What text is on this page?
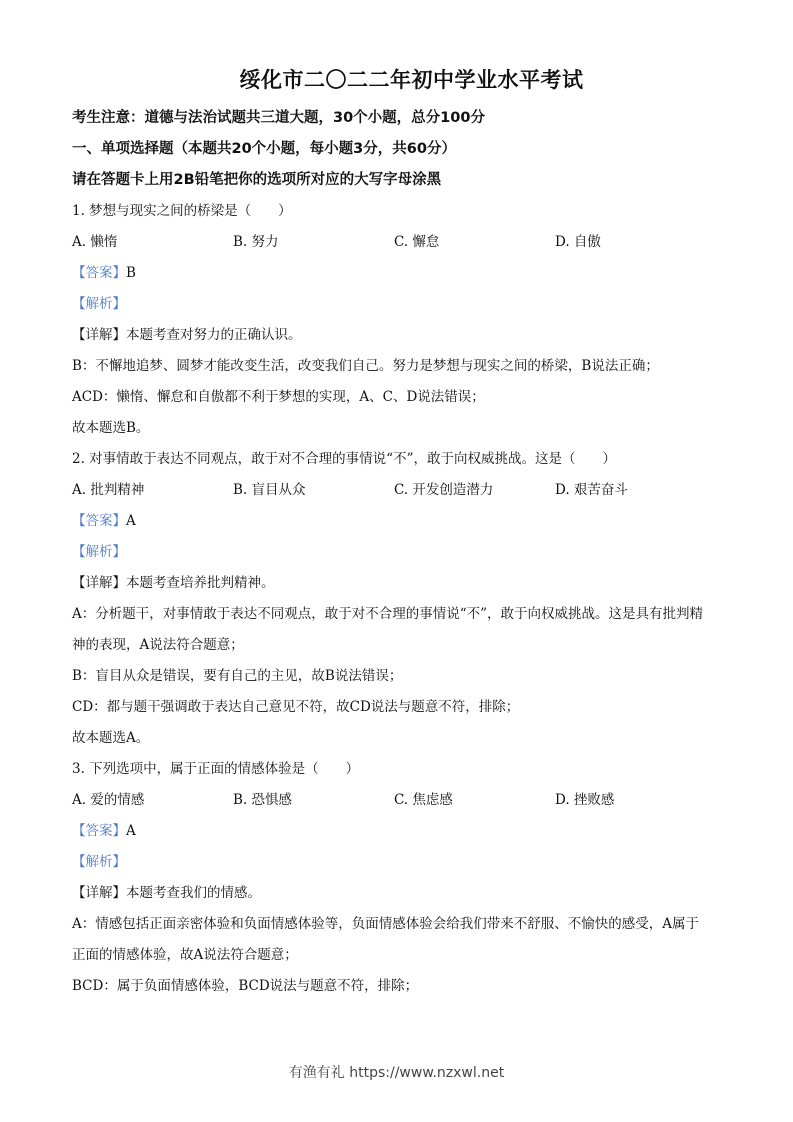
绥化市二〇二二年初中学业水平考试
考生注意：道德与法治试题共三道大题，30个小题，总分100分
一、单项选择题（本题共20个小题，每小题3分，共60分）
请在答题卡上用2B铅笔把你的选项所对应的大写字母涂黑
1. 梦想与现实之间的桥梁是（　　）
A. 懒惰	B. 努力	C. 懈怠	D. 自傲
【答案】B
【解析】
【详解】本题考查对努力的正确认识。
B：不懈地追梦、圆梦才能改变生活，改变我们自己。努力是梦想与现实之间的桥梁，B说法正确；
ACD：懒惰、懈怠和自傲都不利于梦想的实现，A、C、D说法错误；
故本题选B。
2. 对事情敢于表达不同观点，敢于对不合理的事情说“不”，敢于向权威挑战。这是（　　）
A. 批判精神	B. 盲目从众	C. 开发创造潜力	D. 艰苦奋斗
【答案】A
【解析】
【详解】本题考查培养批判精神。
A：分析题干，对事情敢于表达不同观点，敢于对不合理的事情说“不”，敢于向权威挑战。这是具有批判精
神的表现，A说法符合题意；
B：盲目从众是错误，要有自己的主见，故B说法错误；
CD：都与题干强调敢于表达自己意见不符，故CD说法与题意不符，排除；
故本题选A。
3. 下列选项中，属于正面的情感体验是（　　）
A. 爱的情感	B. 恐惧感	C. 焦虑感	D. 挫败感
【答案】A
【解析】
【详解】本题考查我们的情感。
A：情感包括正面亲密体验和负面情感体验等，负面情感体验会给我们带来不舒服、不愉快的感受，A属于
正面的情感体验，故A说法符合题意；
BCD：属于负面情感体验，BCD说法与题意不符，排除；
有渔有礼 https://www.nzxwl.net
